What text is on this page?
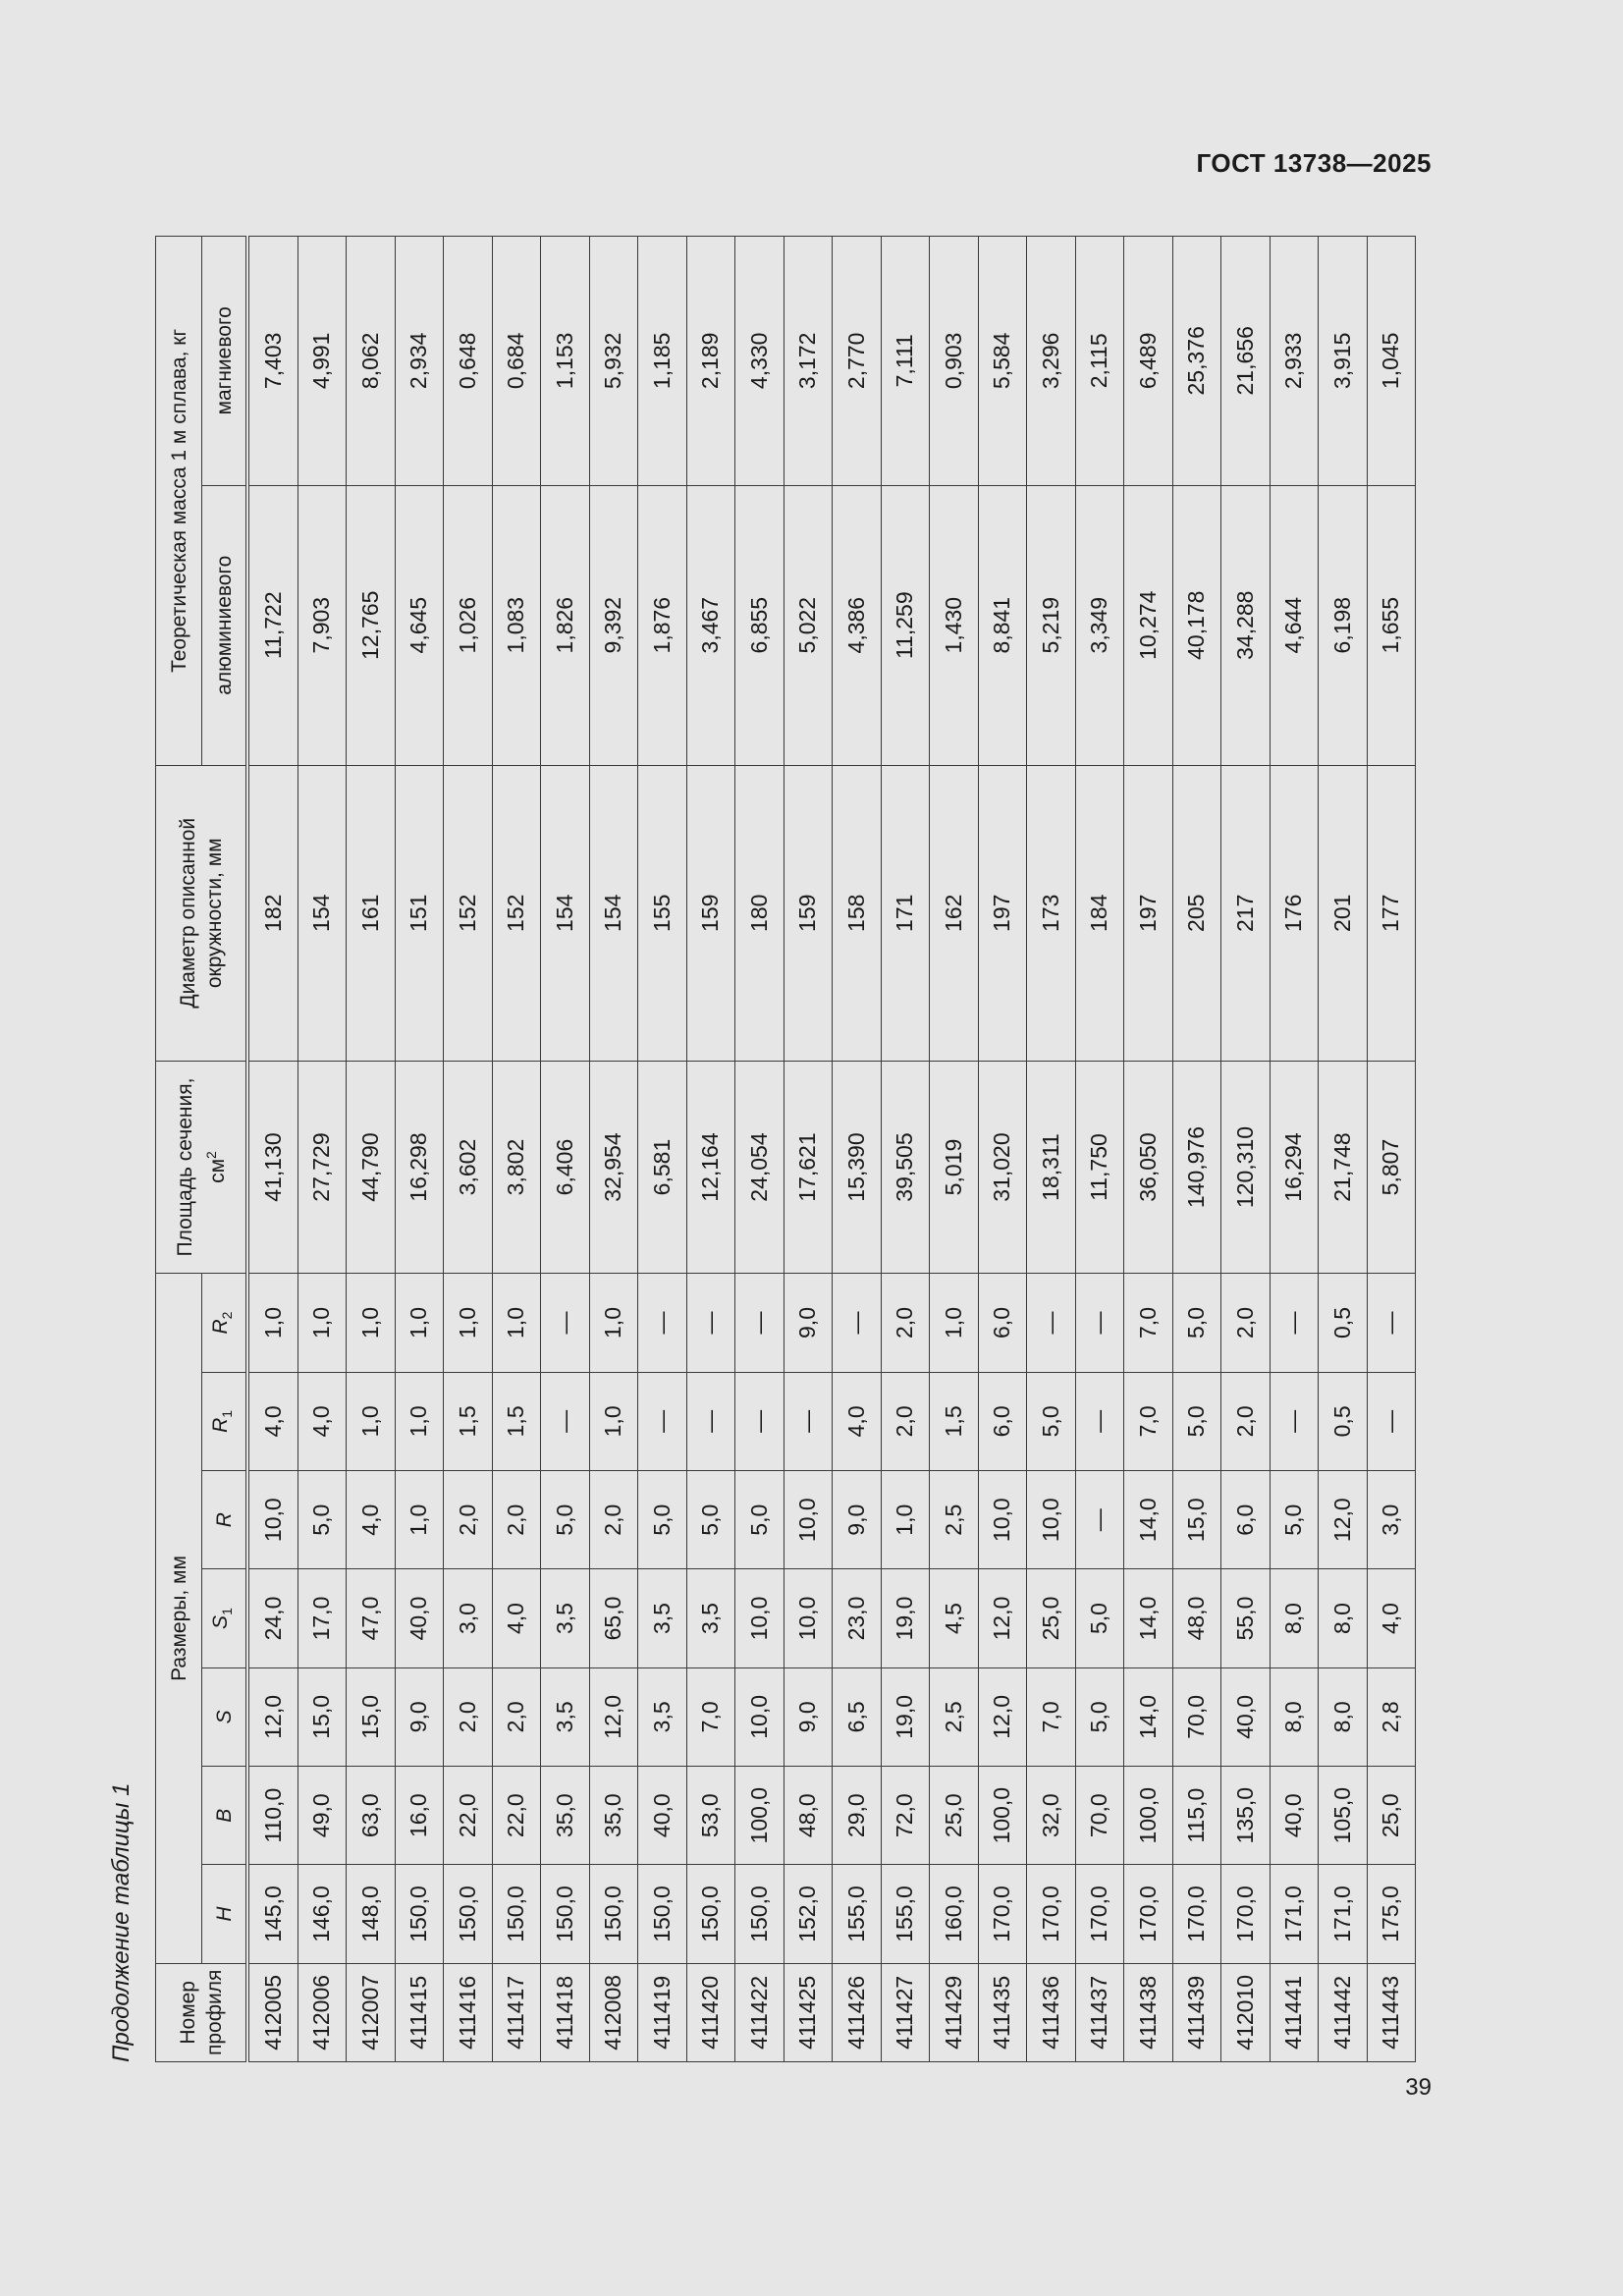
ГОСТ 13738—2025
Продолжение таблицы 1 Номер профиля	Размеры, мм							Площадь сечения, $см^2$	Диаметр описанной окружности, мм	Теоретическая масса 1 м сплава, кг	
	H	B	S	$S_1$	R	$R_1$	$R_2$			алюминиевого	магниевого
412005	145,0	110,0	12,0	24,0	10,0	4,0	1,0	41,130	182	11,722	7,403
412006	146,0	49,0	15,0	17,0	5,0	4,0	1,0	27,729	154	7,903	4,991
412007	148,0	63,0	15,0	47,0	4,0	1,0	1,0	44,790	161	12,765	8,062
411415	150,0	16,0	9,0	40,0	1,0	1,0	1,0	16,298	151	4,645	2,934
411416	150,0	22,0	2,0	3,0	2,0	1,5	1,0	3,602	152	1,026	0,648
411417	150,0	22,0	2,0	4,0	2,0	1,5	1,0	3,802	152	1,083	0,684
411418	150,0	35,0	3,5	3,5	5,0	—	—	6,406	154	1,826	1,153
412008	150,0	35,0	12,0	65,0	2,0	1,0	1,0	32,954	154	9,392	5,932
411419	150,0	40,0	3,5	3,5	5,0	—	—	6,581	155	1,876	1,185
411420	150,0	53,0	7,0	3,5	5,0	—	—	12,164	159	3,467	2,189
411422	150,0	100,0	10,0	10,0	5,0	—	—	24,054	180	6,855	4,330
411425	152,0	48,0	9,0	10,0	10,0	—	9,0	17,621	159	5,022	3,172
411426	155,0	29,0	6,5	23,0	9,0	4,0	—	15,390	158	4,386	2,770
411427	155,0	72,0	19,0	19,0	1,0	2,0	2,0	39,505	171	11,259	7,111
411429	160,0	25,0	2,5	4,5	2,5	1,5	1,0	5,019	162	1,430	0,903
411435	170,0	100,0	12,0	12,0	10,0	6,0	6,0	31,020	197	8,841	5,584
411436	170,0	32,0	7,0	25,0	10,0	5,0	—	18,311	173	5,219	3,296
411437	170,0	70,0	5,0	5,0	—	—	—	11,750	184	3,349	2,115
411438	170,0	100,0	14,0	14,0	14,0	7,0	7,0	36,050	197	10,274	6,489
411439	170,0	115,0	70,0	48,0	15,0	5,0	5,0	140,976	205	40,178	25,376
412010	170,0	135,0	40,0	55,0	6,0	2,0	2,0	120,310	217	34,288	21,656
411441	171,0	40,0	8,0	8,0	5,0	—	—	16,294	176	4,644	2,933
411442	171,0	105,0	8,0	8,0	12,0	0,5	0,5	21,748	201	6,198	3,915
411443	175,0	25,0	2,8	4,0	3,0	—	—	5,807	177	1,655	1,045
39
